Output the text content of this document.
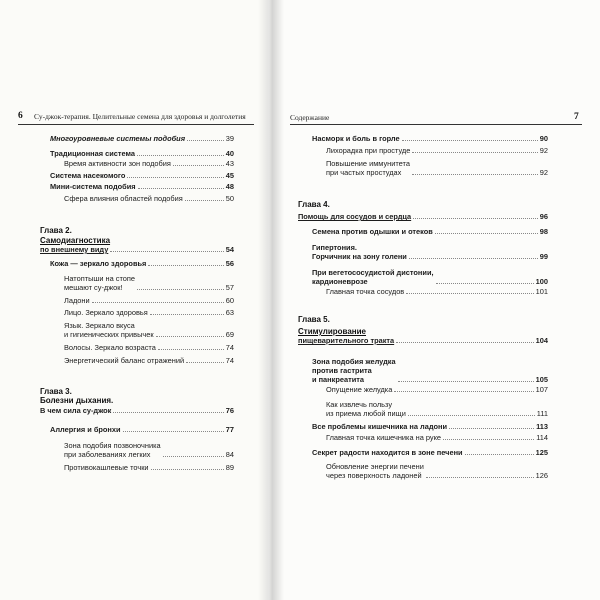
6 Су-джок-терапия. Целительные семена для здоровья и долголетия
Многоуровневые системы подобия	39
Традиционная система	40
Время активности зон подобия	43
Система насекомого	45
Мини-система подобия	48
Сфера влияния областей подобия	50
Глава 2.
Самодиагностика
по внешнему виду	54
Кожа — зеркало здоровья	56
Натоптыши на стопе
мешают су-джок!	57
Ладони	60
Лицо. Зеркало здоровья	63
Язык. Зеркало вкуса
и гигиенических привычек	69
Волосы. Зеркало возраста	74
Энергетический баланс отражений	74
Глава 3.
Болезни дыхания.
В чем сила су-джок	76
Аллергия и бронхи	77
Зона подобия позвоночника
при заболеваниях легких	84
Противокашлевые точки	89
Содержание	7
Насморк и боль в горле	90
Лихорадка при простуде	92
Повышение иммунитета
при частых простудах	92
Глава 4.
Помощь для сосудов и сердца	96
Семена против одышки и отеков	98
Гипертония.
Горчичник на зону голени	99
При вегетососудистой дистонии,
кардионеврозе	100
Главная точка сосудов	101
Глава 5.
Стимулирование
пищеварительного тракта	104
Зона подобия желудка
против гастрита
и панкреатита	105
Опущение желудка	107
Как извлечь пользу
из приема любой пищи	111
Все проблемы кишечника на ладони	113
Главная точка кишечника на руке	114
Секрет радости находится в зоне печени	125
Обновление энергии печени
через поверхность ладоней	126
